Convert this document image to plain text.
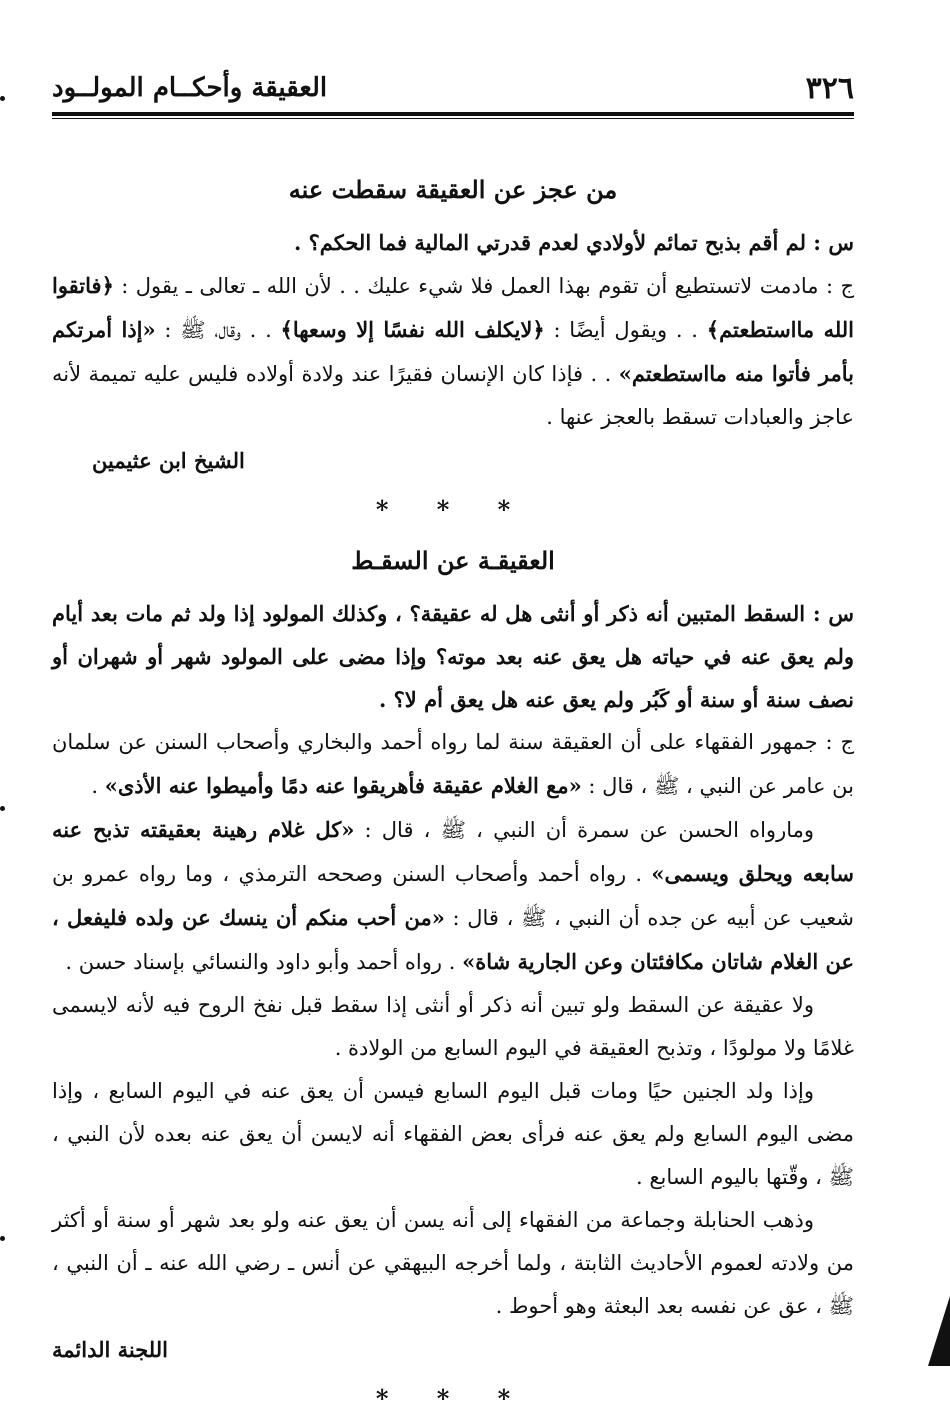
٣٢٦
العقيقة وأحكــام المولــود
من عجز عن العقيقة سقطت عنه

س : لم أقم بذبح تمائم لأولادي لعدم قدرتي المالية فما الحكم؟ .

ج : مادمت لاتستطيع أن تقوم بهذا العمل فلا شيء عليك . . لأن الله ـ تعالى ـ يقول : ﴿فاتقوا الله مااستطعتم﴾ . . ويقول أيضًا : ﴿لايكلف الله نفسًا إلا وسعها﴾ . . وقال، ﷺ : «إذا أمرتكم بأمر فأتوا منه مااستطعتم» . . فإذا كان الإنسان فقيرًا عند ولادة أولاده فليس عليه تميمة لأنه عاجز والعبادات تسقط بالعجز عنها .

الشيخ ابن عثيمين

* * *
العقيقـة عن السقـط

س : السقط المتبين أنه ذكر أو أنثى هل له عقيقة؟ ، وكذلك المولود إذا ولد ثم مات بعد أيام ولم يعق عنه في حياته هل يعق عنه بعد موته؟ وإذا مضى على المولود شهر أو شهران أو نصف سنة أو سنة أو كَبُر ولم يعق عنه هل يعق أم لا؟ .

ج : جمهور الفقهاء على أن العقيقة سنة لما رواه أحمد والبخاري وأصحاب السنن عن سلمان بن عامر عن النبي ، ﷺ ، قال : «مع الغلام عقيقة فأهريقوا عنه دمًا وأميطوا عنه الأذى» .

ومارواه الحسن عن سمرة أن النبي ، ﷺ ، قال : «كل غلام رهينة بعقيقته تذبح عنه سابعه ويحلق ويسمى» . رواه أحمد وأصحاب السنن وصححه الترمذي ، وما رواه عمرو بن شعيب عن أبيه عن جده أن النبي ، ﷺ ، قال : «من أحب منكم أن ينسك عن ولده فليفعل ، عن الغلام شاتان مكافئتان وعن الجارية شاة» . رواه أحمد وأبو داود والنسائي بإسناد حسن .

ولا عقيقة عن السقط ولو تبين أنه ذكر أو أنثى إذا سقط قبل نفخ الروح فيه لأنه لايسمى غلامًا ولا مولودًا ، وتذبح العقيقة في اليوم السابع من الولادة .

وإذا ولد الجنين حيًا ومات قبل اليوم السابع فيسن أن يعق عنه في اليوم السابع ، وإذا مضى اليوم السابع ولم يعق عنه فرأى بعض الفقهاء أنه لايسن أن يعق عنه بعده لأن النبي ، ﷺ ، وقّتها باليوم السابع .

وذهب الحنابلة وجماعة من الفقهاء إلى أنه يسن أن يعق عنه ولو بعد شهر أو سنة أو أكثر من ولادته لعموم الأحاديث الثابتة ، ولما أخرجه البيهقي عن أنس ـ رضي الله عنه ـ أن النبي ، ﷺ ، عق عن نفسه بعد البعثة وهو أحوط .

اللجنة الدائمة

* * *
